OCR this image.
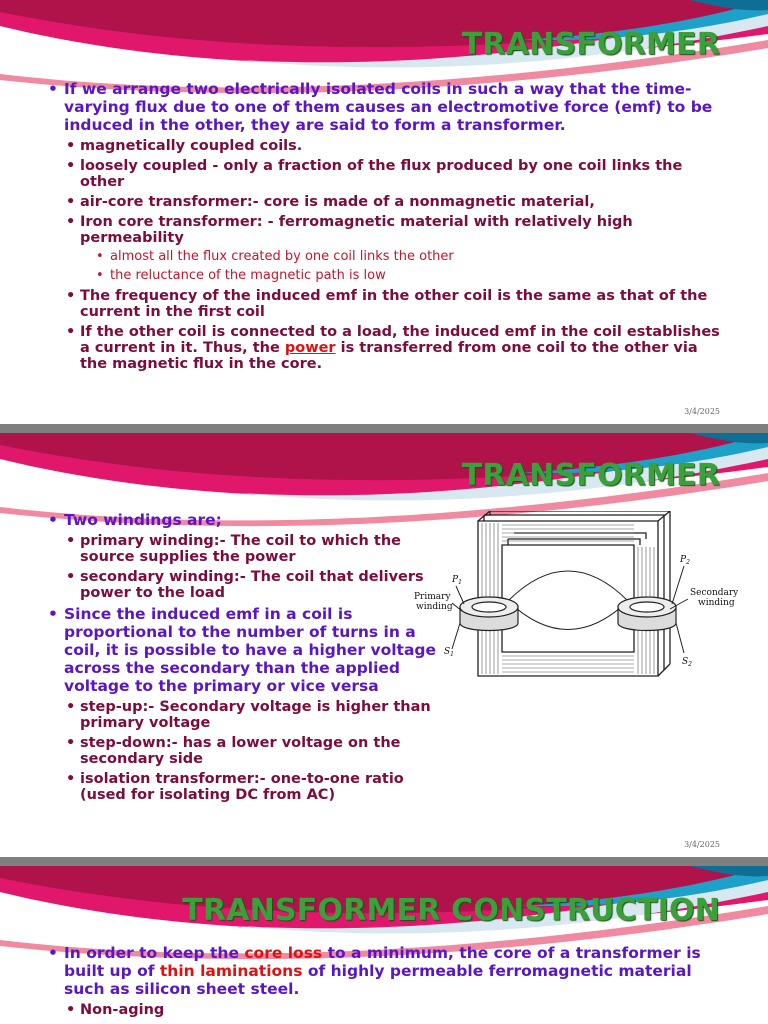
TRANSFORMER
• If we arrange two electrically isolated coils in such a way that the time-varying flux due to one of them causes an electromotive force (emf) to be induced in the other, they are said to form a transformer.
• magnetically coupled coils.
• loosely coupled - only a fraction of the flux produced by one coil links the other
• air-core transformer:- core is made of a nonmagnetic material,
• Iron core transformer: - ferromagnetic material with relatively high permeability
• almost all the flux created by one coil links the other
• the reluctance of the magnetic path is low
• The frequency of the induced emf in the other coil is the same as that of the current in the first coil
• If the other coil is connected to a load, the induced emf in the coil establishes a current in it. Thus, the power is transferred from one coil to the other via the magnetic flux in the core.
3/4/2025
TRANSFORMER
• Two windings are;
• primary winding:- The coil to which the source supplies the power
• secondary winding:- The coil that delivers power to the load
• Since the induced emf in a coil is proportional to the number of turns in a coil, it is possible to have a higher voltage across the secondary than the applied voltage to the primary or vice versa
• step-up:- Secondary voltage is higher than primary voltage
• step-down:- has a lower voltage on the secondary side
• isolation transformer:- one-to-one ratio (used for isolating DC from AC)
$P_1$
$S_1$
$P_2$
$S_2$
Primary
winding
Secondary
winding
3/4/2025
TRANSFORMER CONSTRUCTION
• In order to keep the core loss to a minimum, the core of a transformer is built up of thin laminations of highly permeable ferromagnetic material such as silicon sheet steel.
• Non-aging
